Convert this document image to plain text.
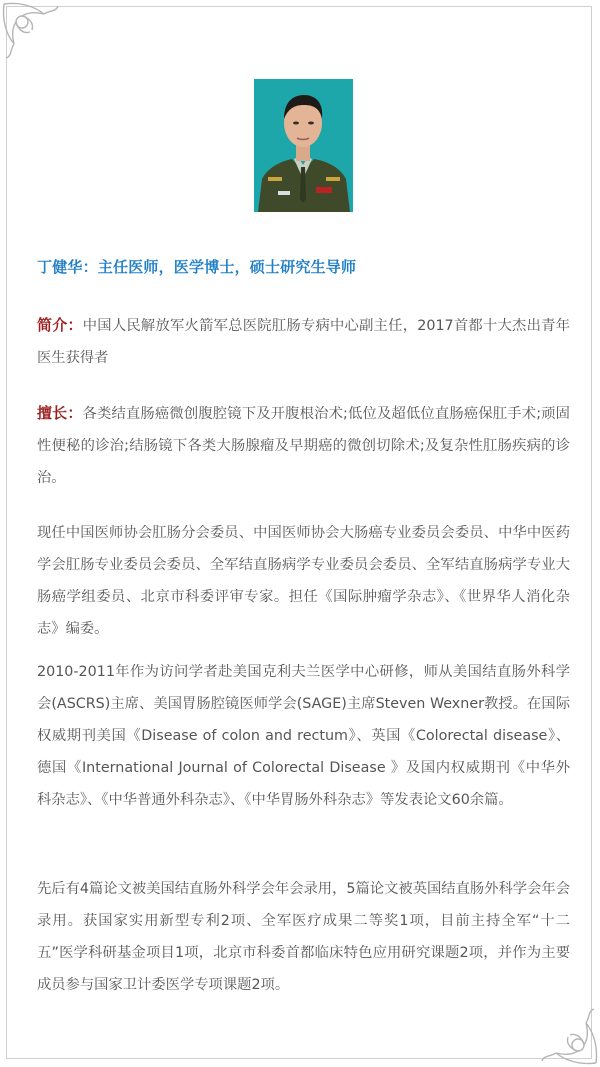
丁健华：主任医师，医学博士，硕士研究生导师

简介：中国人民解放军火箭军总医院肛肠专病中心副主任，2017首都十大杰出青年医生获得者

擅长：各类结直肠癌微创腹腔镜下及开腹根治术;低位及超低位直肠癌保肛手术;顽固性便秘的诊治;结肠镜下各类大肠腺瘤及早期癌的微创切除术;及复杂性肛肠疾病的诊治。

现任中国医师协会肛肠分会委员、中国医师协会大肠癌专业委员会委员、中华中医药学会肛肠专业委员会委员、全军结直肠病学专业委员会委员、全军结直肠病学专业大肠癌学组委员、北京市科委评审专家。担任《国际肿瘤学杂志》、《世界华人消化杂志》编委。

2010-2011年作为访问学者赴美国克利夫兰医学中心研修，师从美国结直肠外科学会(ASCRS)主席、美国胃肠腔镜医师学会(SAGE)主席Steven Wexner教授。在国际权威期刊美国《Disease of colon and rectum》、英国《Colorectal disease》、德国《International Journal of Colorectal Disease 》及国内权威期刊《中华外科杂志》、《中华普通外科杂志》、《中华胃肠外科杂志》等发表论文60余篇。

先后有4篇论文被美国结直肠外科学会年会录用，5篇论文被英国结直肠外科学会年会录用。获国家实用新型专利2项、全军医疗成果二等奖1项，目前主持全军“十二五”医学科研基金项目1项，北京市科委首都临床特色应用研究课题2项，并作为主要成员参与国家卫计委医学专项课题2项。
